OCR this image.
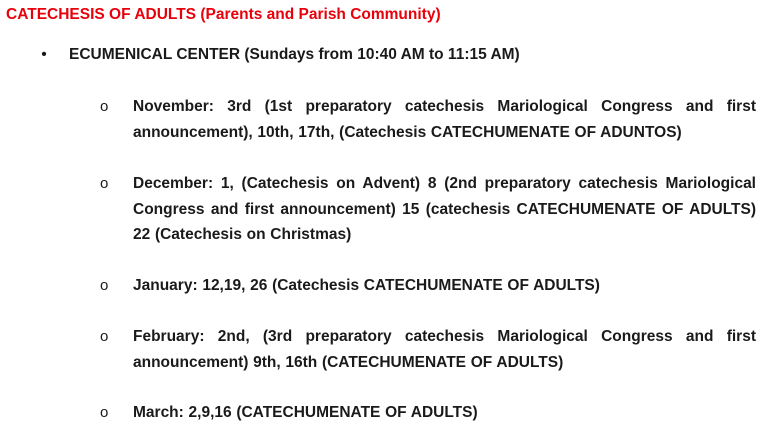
CATECHESIS OF ADULTS (Parents and Parish Community)
•	ECUMENICAL CENTER (Sundays from 10:40 AM to 11:15 AM)
o	November: 3rd (1st preparatory catechesis Mariological Congress and first announcement), 10th, 17th, (Catechesis CATECHUMENATE OF ADUNTOS)
o	December: 1, (Catechesis on Advent) 8 (2nd preparatory catechesis Mariological Congress and first announcement) 15 (catechesis CATECHUMENATE OF ADULTS) 22 (Catechesis on Christmas)
o	January: 12,19, 26 (Catechesis CATECHUMENATE OF ADULTS)
o	February: 2nd, (3rd preparatory catechesis Mariological Congress and first announcement) 9th, 16th (CATECHUMENATE OF ADULTS)
o	March: 2,9,16 (CATECHUMENATE OF ADULTS)
